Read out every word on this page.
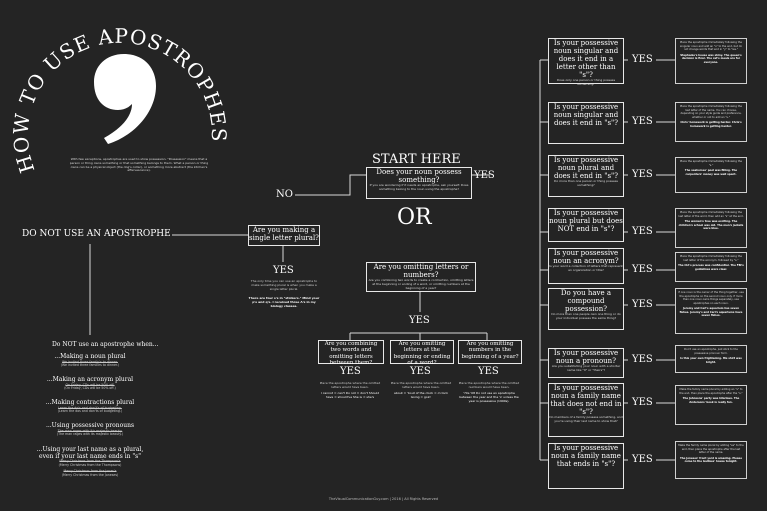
HOW TO USE APOSTROPHES
With few exceptions, apostrophes are used to show possession. "Possession" means that a person or thing owns something or that something belongs to them. What a person or thing owns can be a physical object (the dog's collar), or something more abstract (the kitchen's effervescence).
START HERE
Does your noun possess something?
If you are wondering if it needs an apostrophe, ask yourself: Does something belong to the noun using the apostrophe?
YES
OR
NO
Are you making a single letter plural?
YES
The only time you can use an apostrophe to make something plural is when you make a single letter plural.
There are four s's in "stickers." Mind your p's and q's. I received three A's in my biology classes.
DO NOT USE AN APOSTROPHE
Do NOT use an apostrophe when...
...Making a noun plural
We invited three family's to dinner.
(We invited three families to dinner.)
...Making an acronym plural
On Friday, CDs will be 50% off.
(On Friday, CDs will be 50% off.)
...Making contractions plural
Learn the do's and don't's of budgeting.
(Learn the dos and don'ts of budgeting.)
...Using possessive pronouns
The man rages with it's majestic beauty.
(The man rages with its majestic beauty.)
...Using your last name as a plural, even if your last name ends in "s"
Merry Christmas from the Thompson's
(Merry Christmas from the Thompsons)
Merry Christmas from the Jones's
(Merry Christmas from the Joneses)
Are you omitting letters or numbers?
Are you combining two words to create a contraction, omitting letters at the beginning or ending of a word, or omitting numbers at the beginning of a year?
YES
Are you combining two words and omitting letters between them?
YES
Place the apostrophe where the omitted letters would have been.
I cannot = can't Do not = don't Should have = should've She is = she's
Are you omitting letters at the beginning or ending of a word?
YES
Place the apostrophe where the omitted letters would have been.
about = 'bout of the clock = o'clock Going = goin'
Are you omitting numbers in the beginning of a year?
YES
Place the apostrophe where the omitted numbers would have been.
'70s '08 Do not use an apostrophe between the year and the 's' unless the year is possessive (1990s).
Is your possessive noun singular and does it end in a letter other than "s"?
Does only one person or thing possess something?
Is your possessive noun singular and does it end in "s"?
Is your possessive noun plural and does it end in "s"?
Do more than one person or thing possess something?
Is your possessive noun plural but does NOT end in "s"?
Is your possessive noun an acronym?
Is your word a collection of letters that represent an organization or title?
Do you have a compound possession?
Do more than one people own one thing or do your individual possess the same thing?
Is your possessive noun a pronoun?
Are you substituting your noun with a shorter name like "it" or "theirs"?
Is your possessive noun a family name that does not end in "s"?
Do members of a family possess something, and you're using their last name to show that?
Is your possessive noun a family name that ends in "s"?
YES
YES
YES
YES
YES
YES
YES
YES
YES
Place the apostrophe immediately following the singular noun and add an "s" to the end, but do not change words that end in "y" to "ies."
Stephanie's house was shiny. The queen's decision is final. The cat's meals are for everyone.
Place the apostrophe immediately following the last letter of the name. You can choose, depending on your style guide and preference, whether or not to add an "s."
Chris' homework is getting harder. Chris's homework is getting harder.
Place the apostrophe immediately following the "s."
The seahorses' pool was filling. The carpenters' money was well spent.
Place the apostrophe immediately following the last letter of the word, then add an "s" at the end.
The women's tree was exciting. The children's school was old. The men's jackets were blue.
Place the apostrophe immediately following the last letter of the acronym, followed by "s."
The CIA's process was confidential. The FBI's guidelines were clear.
If one noun is the owner of the thing together, use the apostrophe on the second noun only. If more than one noun owns things separately, use apostrophes on each noun.
Jeremy and Carl's aquarium has seven fishes. Jeremy's and Carl's aquariums have seven fishes.
Don't use an apostrophe, just stick to the possessive pronoun form.
Is this your own frightening. His shirt was bright.
Make the family name plural by adding an "s" to the end, then place the apostrophe after the "s."
The Johnsons' party was hilarious. The Andersons' book is really fun.
Make the family name plural by adding "es" to the end, then place the apostrophe after the last letter of the name.
The Joneses' front yard is amazing. Please come to the Gallises' house tonight.
TheVisualCommunicationGuy.com | 2016 | All Rights Reserved
